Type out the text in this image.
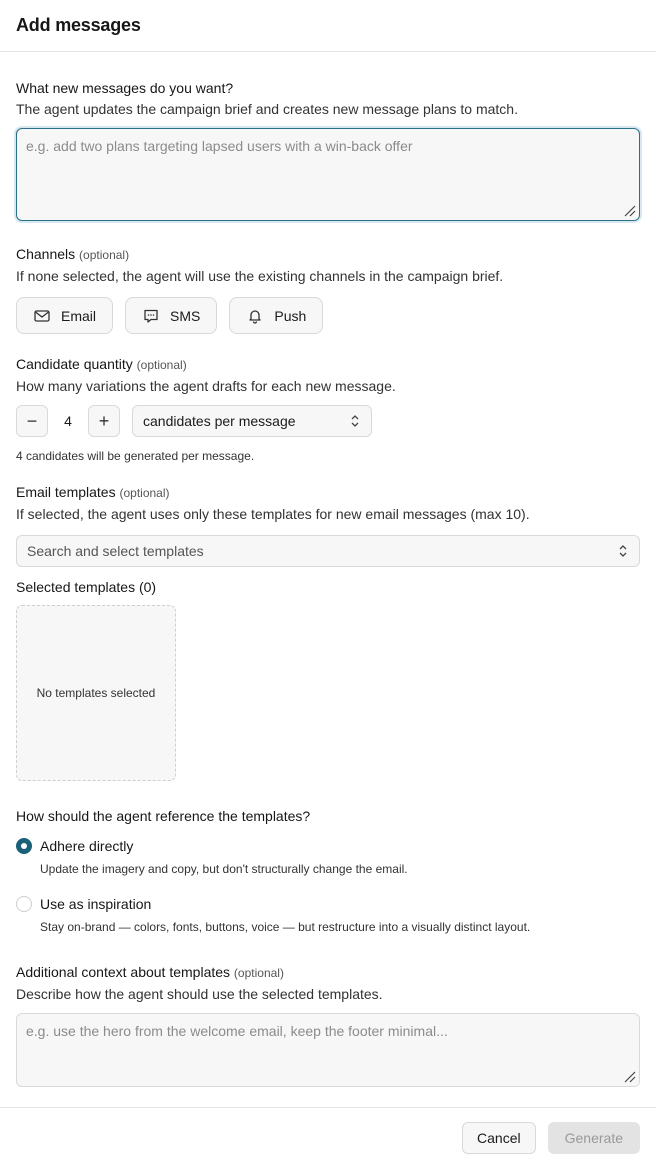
Add messages
What new messages do you want?
The agent updates the campaign brief and creates new message plans to match.
e.g. add two plans targeting lapsed users with a win-back offer
Channels (optional)
If none selected, the agent will use the existing channels in the campaign brief.
Email	SMS	Push
Candidate quantity (optional)
How many variations the agent drafts for each new message.
−	4	+	candidates per message
4 candidates will be generated per message.
Email templates (optional)
If selected, the agent uses only these templates for new email messages (max 10).
Search and select templates
Selected templates (0)
No templates selected
How should the agent reference the templates?
Adhere directly
Update the imagery and copy, but don't structurally change the email.
Use as inspiration
Stay on-brand — colors, fonts, buttons, voice — but restructure into a visually distinct layout.
Additional context about templates (optional)
Describe how the agent should use the selected templates.
e.g. use the hero from the welcome email, keep the footer minimal...
Cancel	Generate
